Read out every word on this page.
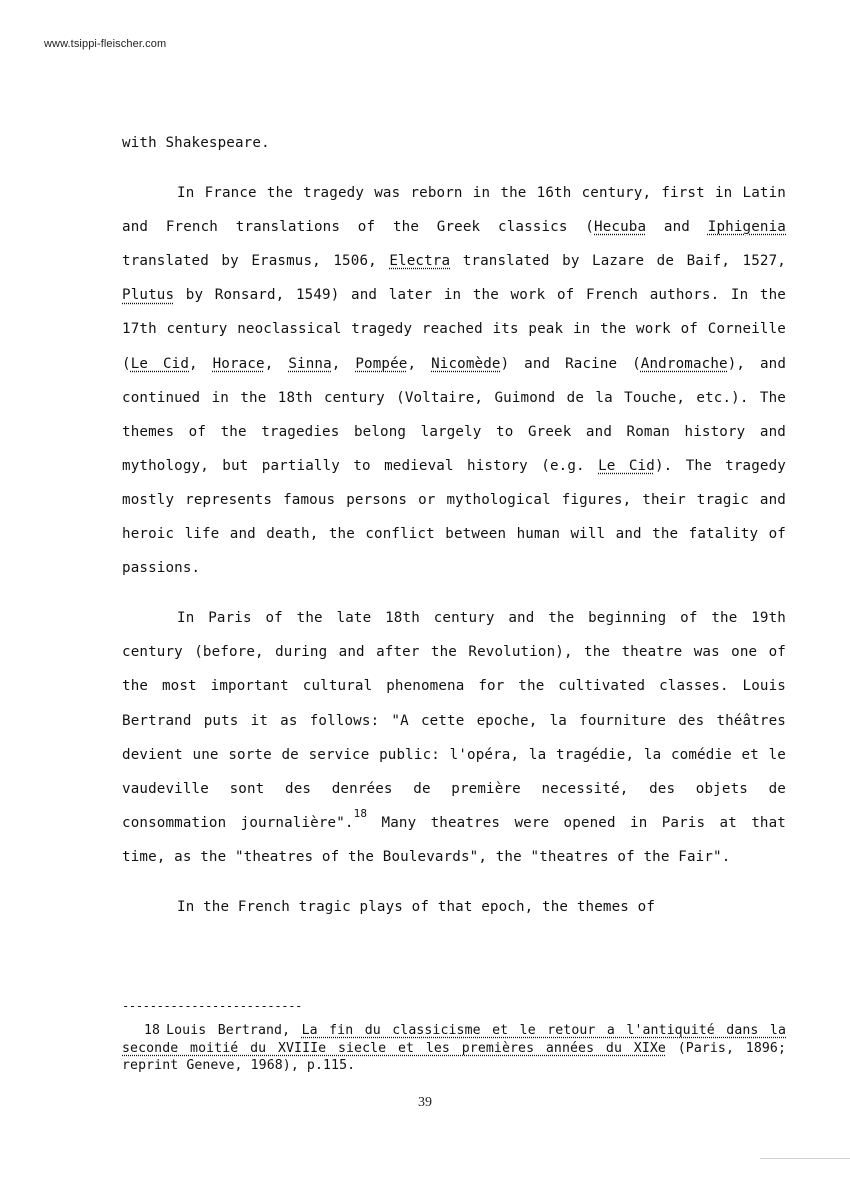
www.tsippi-fleischer.com

with Shakespeare.

In France the tragedy was reborn in the 16th century, first in Latin and French translations of the Greek classics (Hecuba and Iphigenia translated by Erasmus, 1506, Electra translated by Lazare de Baif, 1527, Plutus by Ronsard, 1549) and later in the work of French authors. In the 17th century neoclassical tragedy reached its peak in the work of Corneille (Le Cid, Horace, Sinna, Pompée, Nicomède) and Racine (Andromache), and continued in the 18th century (Voltaire, Guimond de la Touche, etc.). The themes of the tragedies belong largely to Greek and Roman history and mythology, but partially to medieval history (e.g. Le Cid). The tragedy mostly represents famous persons or mythological figures, their tragic and heroic life and death, the conflict between human will and the fatality of passions.

In Paris of the late 18th century and the beginning of the 19th century (before, during and after the Revolution), the theatre was one of the most important cultural phenomena for the cultivated classes. Louis Bertrand puts it as follows: "A cette epoche, la fourniture des théâtres devient une sorte de service public: l'opéra, la tragédie, la comédie et le vaudeville sont des denrées de première necessité, des objets de consommation journalière".$^{18}$ Many theatres were opened in Paris at that time, as the "theatres of the Boulevards", the "theatres of the Fair".

In the French tragic plays of that epoch, the themes of

--------------------------
18 Louis Bertrand, La fin du classicisme et le retour a l'antiquité dans la seconde moitié du XVIIIe siecle et les premières années du XIXe (Paris, 1896; reprint Geneve, 1968), p.115.
39
